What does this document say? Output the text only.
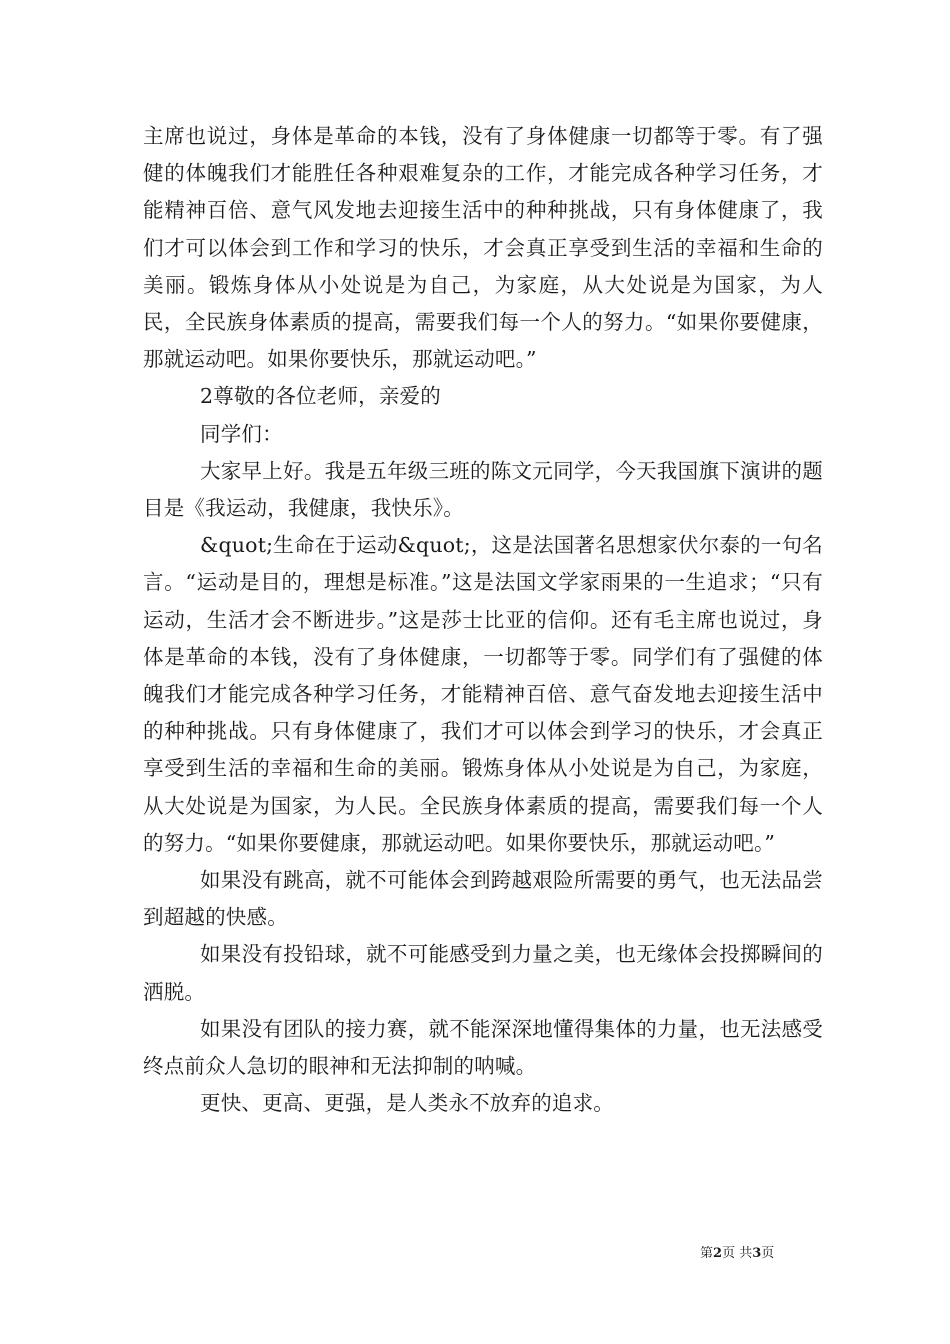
主席也说过，身体是革命的本钱，没有了身体健康一切都等于零。有了强健的体魄我们才能胜任各种艰难复杂的工作，才能完成各种学习任务，才能精神百倍、意气风发地去迎接生活中的种种挑战，只有身体健康了，我们才可以体会到工作和学习的快乐，才会真正享受到生活的幸福和生命的美丽。锻炼身体从小处说是为自己，为家庭，从大处说是为国家，为人民，全民族身体素质的提高，需要我们每一个人的努力。“如果你要健康，那就运动吧。如果你要快乐，那就运动吧。”

2尊敬的各位老师，亲爱的

同学们：

大家早上好。我是五年级三班的陈文元同学，今天我国旗下演讲的题目是《我运动，我健康，我快乐》。

&quot;生命在于运动&quot;，这是法国著名思想家伏尔泰的一句名言。“运动是目的，理想是标准。”这是法国文学家雨果的一生追求；“只有运动，生活才会不断进步。”这是莎士比亚的信仰。还有毛主席也说过，身体是革命的本钱，没有了身体健康，一切都等于零。同学们有了强健的体魄我们才能完成各种学习任务，才能精神百倍、意气奋发地去迎接生活中的种种挑战。只有身体健康了，我们才可以体会到学习的快乐，才会真正享受到生活的幸福和生命的美丽。锻炼身体从小处说是为自己，为家庭，从大处说是为国家，为人民。全民族身体素质的提高，需要我们每一个人的努力。“如果你要健康，那就运动吧。如果你要快乐，那就运动吧。”

如果没有跳高，就不可能体会到跨越艰险所需要的勇气，也无法品尝到超越的快感。

如果没有投铅球，就不可能感受到力量之美，也无缘体会投掷瞬间的洒脱。

如果没有团队的接力赛，就不能深深地懂得集体的力量，也无法感受终点前众人急切的眼神和无法抑制的呐喊。

更快、更高、更强，是人类永不放弃的追求。

第2页 共3页
